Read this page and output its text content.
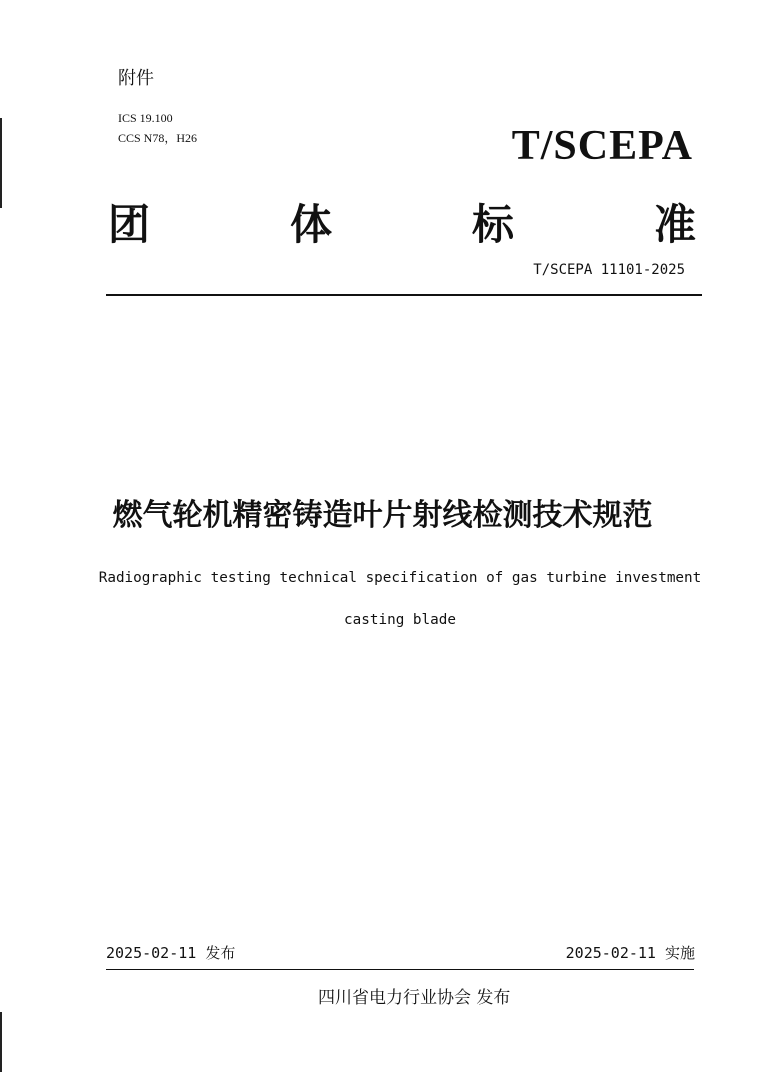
附件
ICS 19.100
CCS N78，H26	T/SCEPA
团	体	标	准
T/SCEPA 11101-2025
燃气轮机精密铸造叶片射线检测技术规范
Radiographic testing technical specification of gas turbine investment
casting blade
2025-02-11 发布	2025-02-11 实施
四川省电力行业协会 发布
